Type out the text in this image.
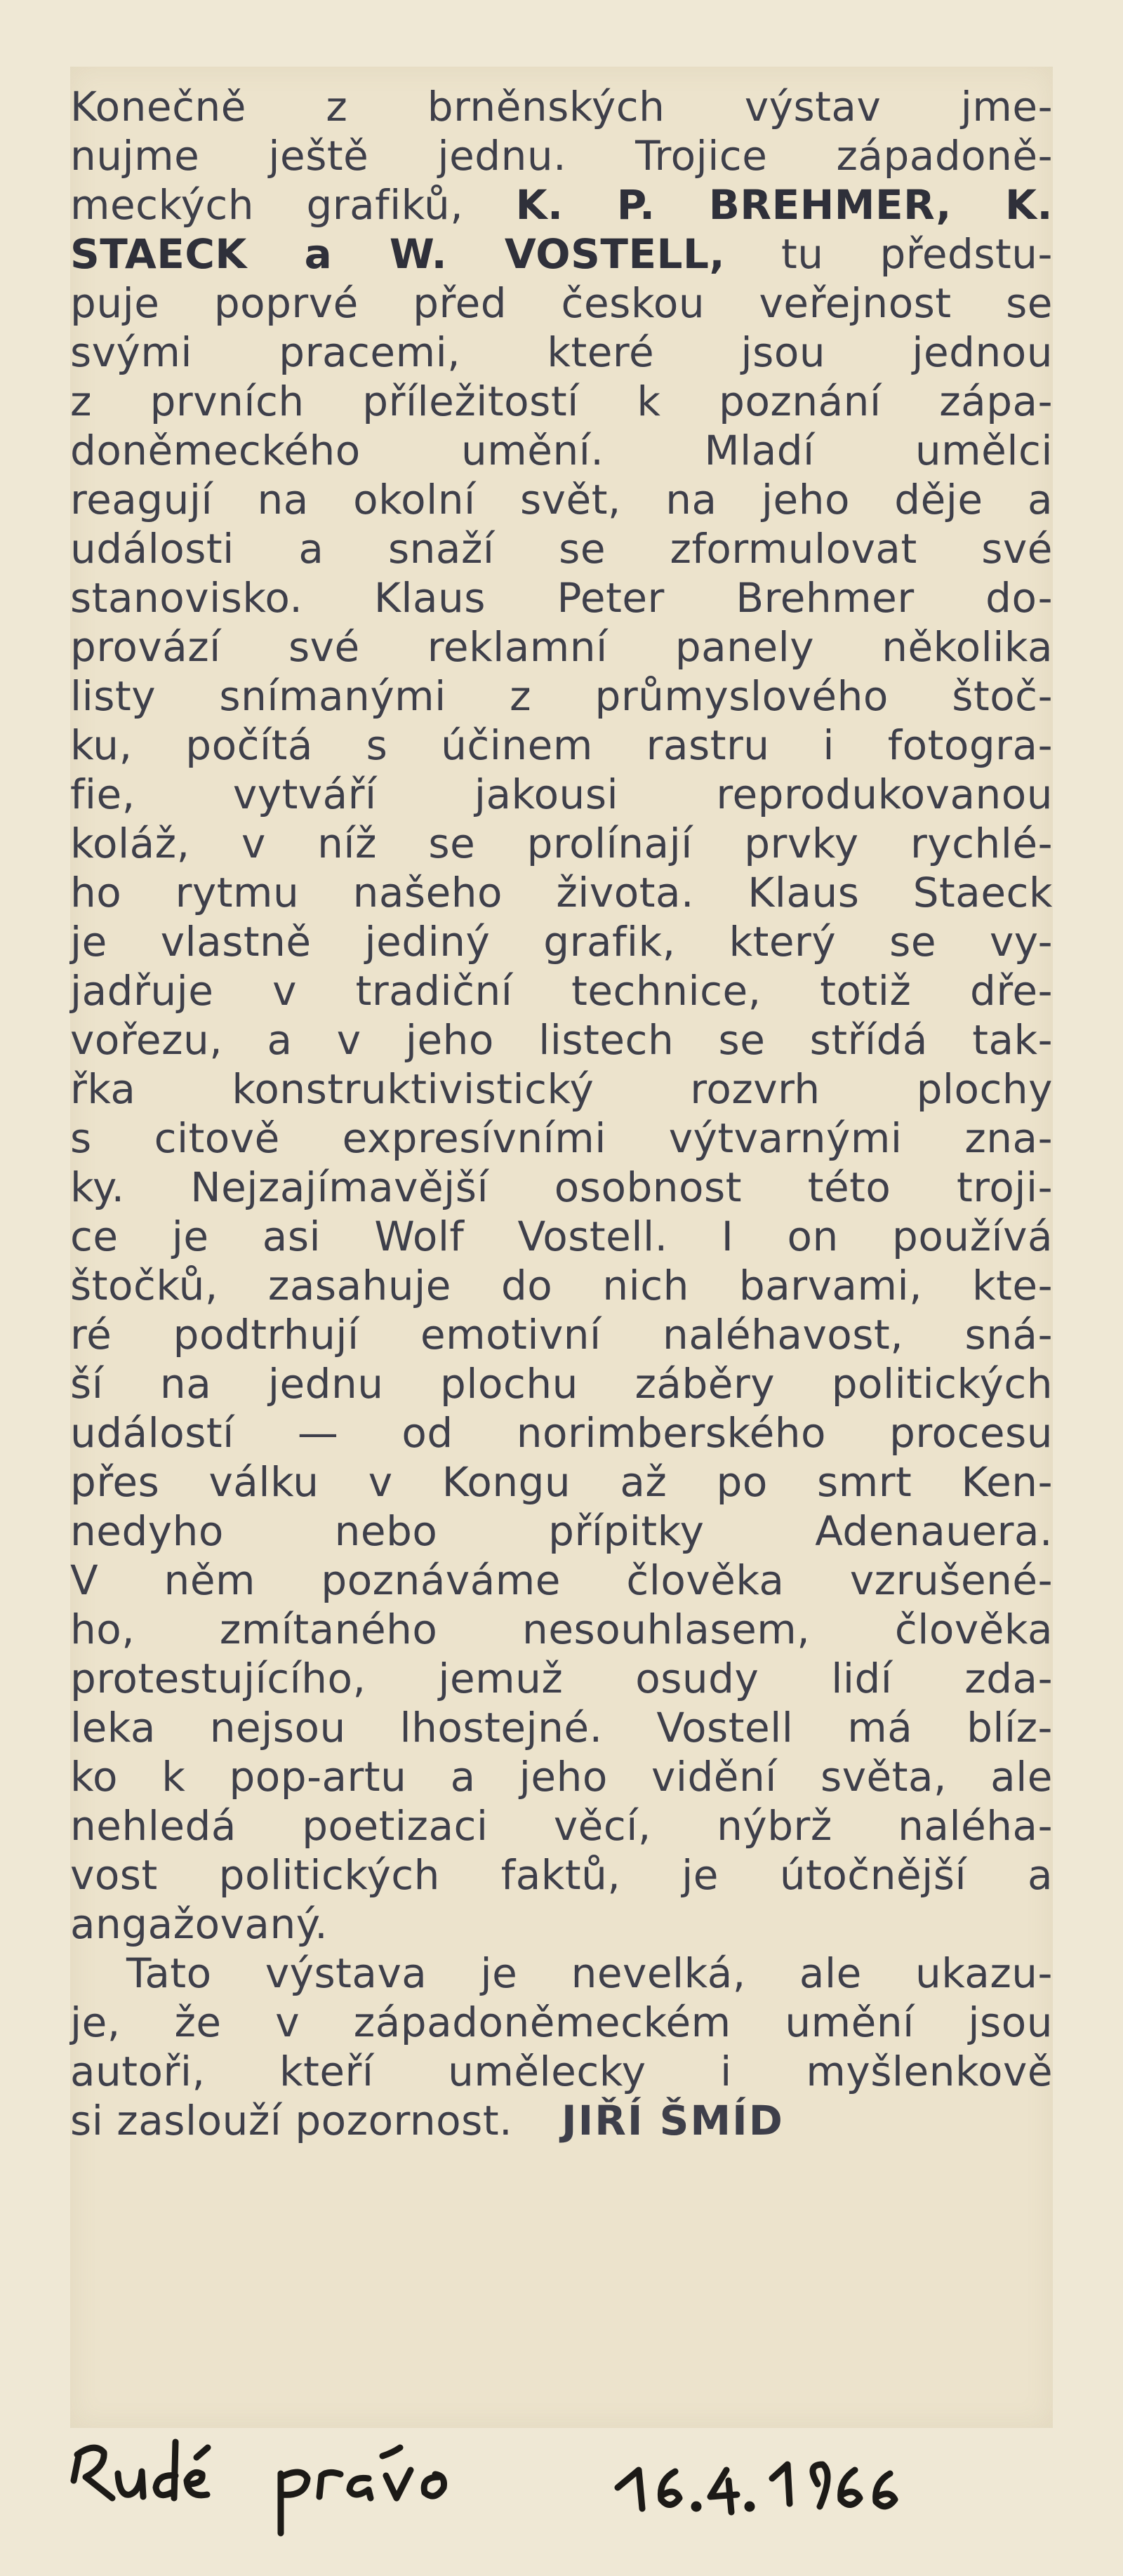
Konečně z brněnských výstav jme-
nujme ještě jednu. Trojice západoně-
meckých grafiků, K. P. BREHMER, K.
STAECK a W. VOSTELL, tu předstu-
puje poprvé před českou veřejnost se
svými pracemi, které jsou jednou
z prvních příležitostí k poznání zápa-
doněmeckého umění. Mladí umělci
reagují na okolní svět, na jeho děje a
události a snaží se zformulovat své
stanovisko. Klaus Peter Brehmer do-
provází své reklamní panely několika
listy snímanými z průmyslového štoč-
ku, počítá s účinem rastru i fotogra-
fie, vytváří jakousi reprodukovanou
koláž, v níž se prolínají prvky rychlé-
ho rytmu našeho života. Klaus Staeck
je vlastně jediný grafik, který se vy-
jadřuje v tradiční technice, totiž dře-
vořezu, a v jeho listech se střídá tak-
řka konstruktivistický rozvrh plochy
s citově expresívními výtvarnými zna-
ky. Nejzajímavější osobnost této troji-
ce je asi Wolf Vostell. I on používá
štočků, zasahuje do nich barvami, kte-
ré podtrhují emotivní naléhavost, sná-
ší na jednu plochu záběry politických
událostí — od norimberského procesu
přes válku v Kongu až po smrt Ken-
nedyho nebo přípitky Adenauera.
V něm poznáváme člověka vzrušené-
ho, zmítaného nesouhlasem, člověka
protestujícího, jemuž osudy lidí zda-
leka nejsou lhostejné. Vostell má blíz-
ko k pop-artu a jeho vidění světa, ale
nehledá poetizaci věcí, nýbrž naléha-
vost politických faktů, je útočnější a
angažovaný.
Tato výstava je nevelká, ale ukazu-
je, že v západoněmeckém umění jsou
autoři, kteří umělecky i myšlenkově
si zaslouží pozornost. JIŘÍ ŠMÍD
